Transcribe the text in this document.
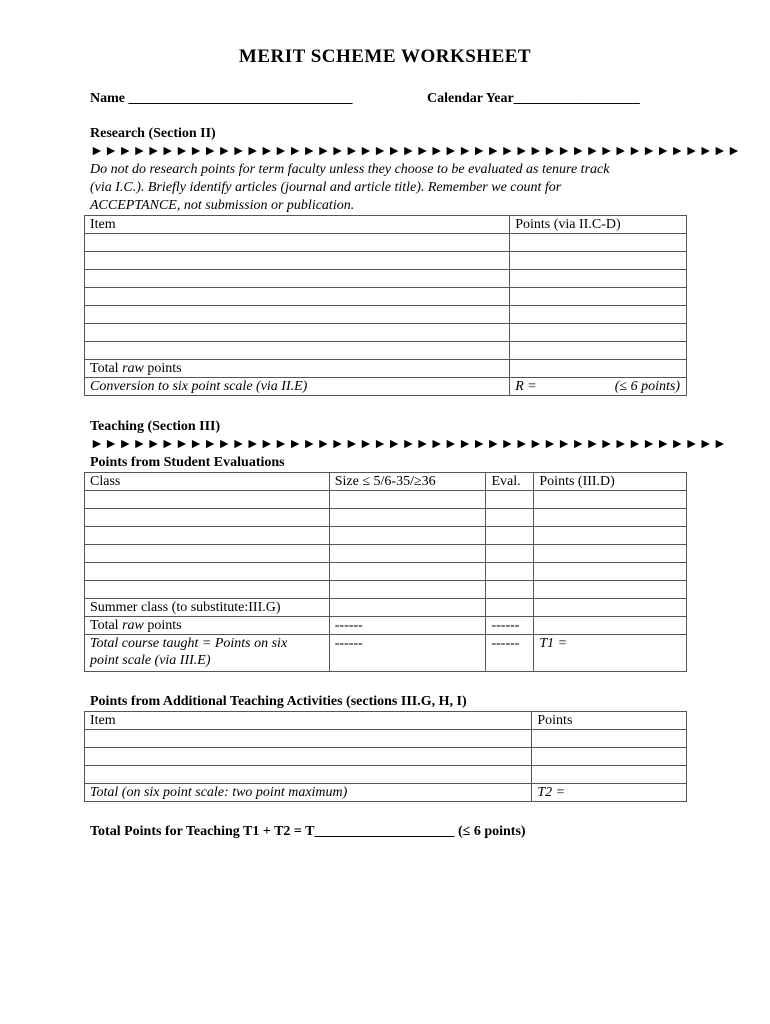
MERIT SCHEME WORKSHEET
Name ________________________________	Calendar Year__________________
Research (Section II)
►►►►►►►►►►►►►►►►►►►►►►►►►►►►►►►►►►►►►►►►►►►►►►
Do not do research points for term faculty unless they choose to be evaluated as tenure track
(via I.C.). Briefly identify articles (journal and article title). Remember we count for
ACCEPTANCE, not submission or publication.
Item	Points (via II.C-D)

Total raw points	
Conversion to six point scale (via II.E)	R = (≤ 6 points)
Teaching (Section III)
►►►►►►►►►►►►►►►►►►►►►►►►►►►►►►►►►►►►►►►►►►►►►
Points from Student Evaluations
Class	Size ≤ 5/6-35/≥36	Eval.	Points (III.D)

Summer class (to substitute:III.G)			
Total raw points	------	------	
Total course taught = Points on six
point scale (via III.E)	------	------	T1 =
Points from Additional Teaching Activities (sections III.G, H, I)
Item	Points

Total (on six point scale: two point maximum)	T2 =
Total Points for Teaching T1 + T2 = T____________________ (≤ 6 points)
